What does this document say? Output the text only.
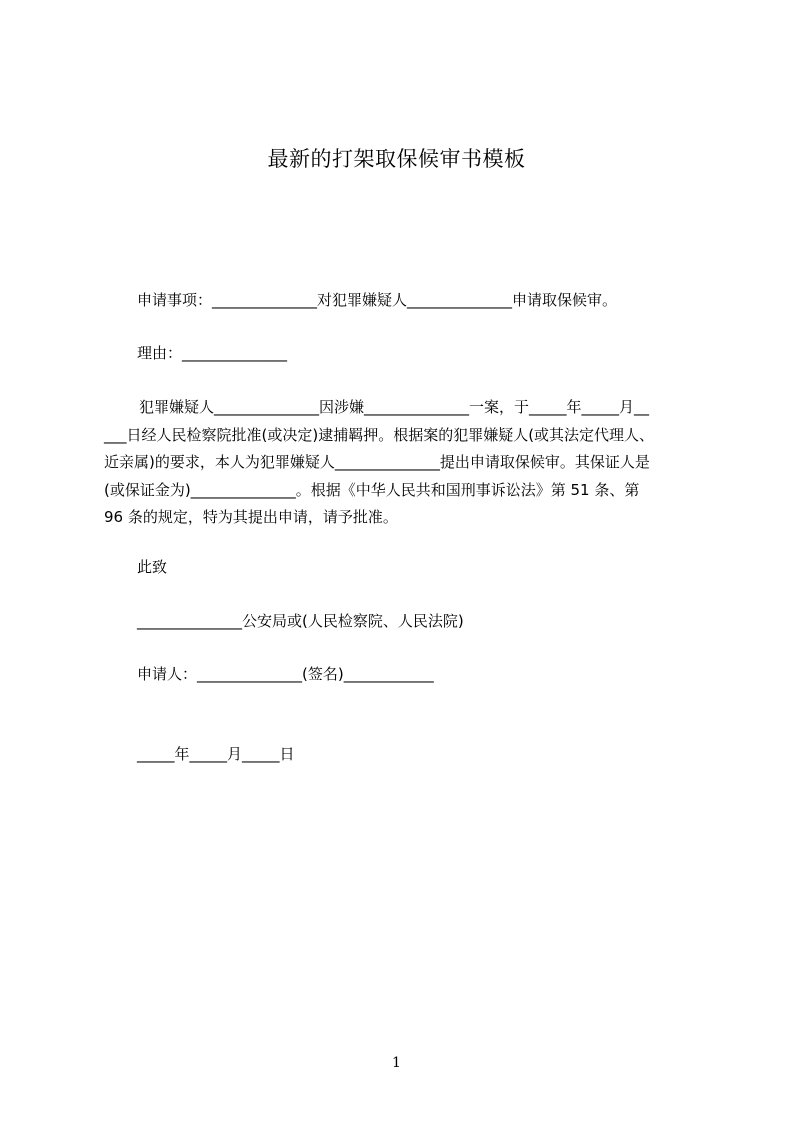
最新的打架取保候审书模板
申请事项：______________对犯罪嫌疑人______________申请取保候审。
理由：______________
犯罪嫌疑人______________因涉嫌______________一案，于_____年_____月__
___日经人民检察院批准(或决定)逮捕羁押。根据案的犯罪嫌疑人(或其法定代理人、
近亲属)的要求，本人为犯罪嫌疑人______________提出申请取保候审。其保证人是
(或保证金为)______________。根据《中华人民共和国刑事诉讼法》第 51 条、第
96 条的规定，特为其提出申请，请予批准。
此致
______________公安局或(人民检察院、人民法院)
申请人：______________(签名)____________
_____年_____月_____日
1
